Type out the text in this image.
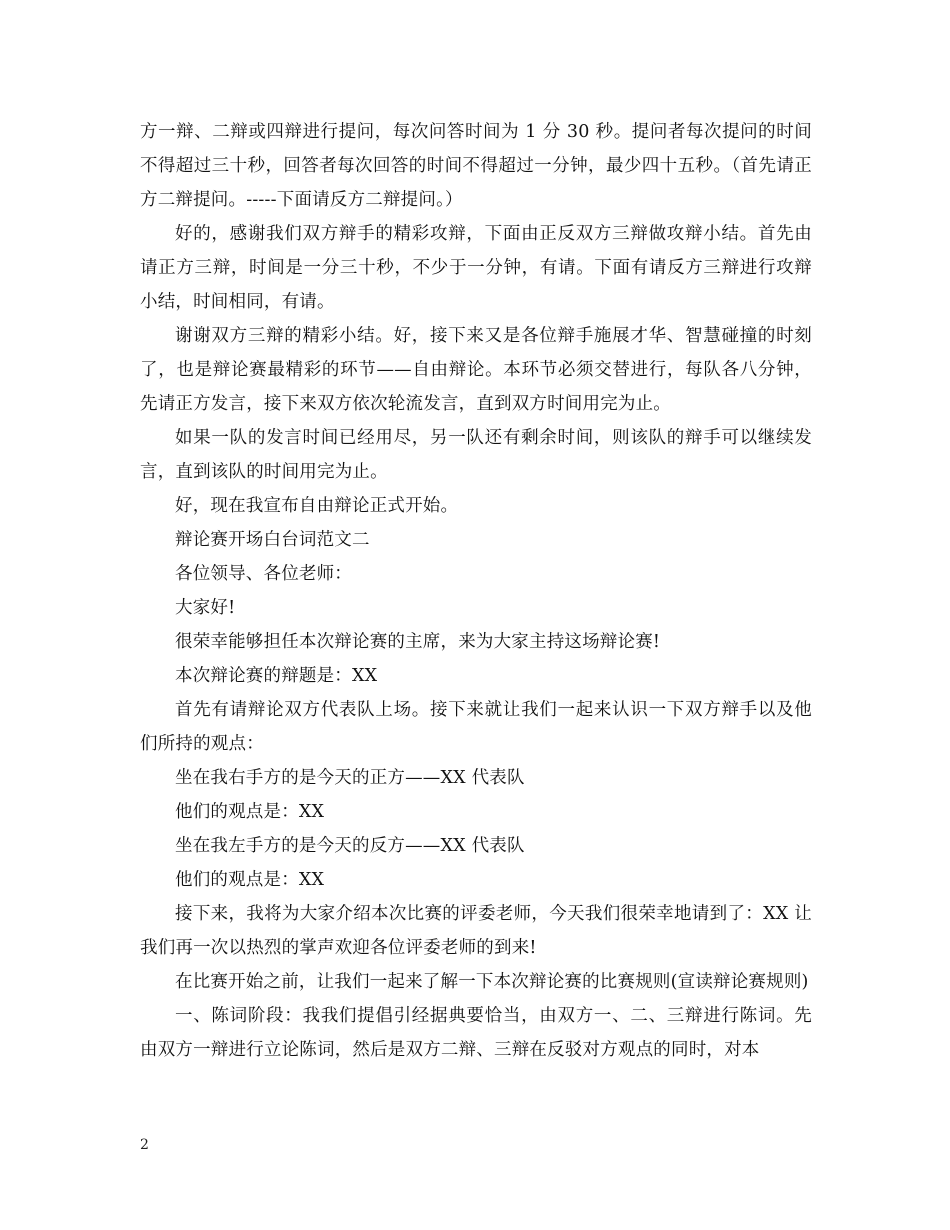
方一辩、二辩或四辩进行提问，每次问答时间为 1 分 30 秒。提问者每次提问的时间不得超过三十秒，回答者每次回答的时间不得超过一分钟，最少四十五秒。（首先请正方二辩提问。-----下面请反方二辩提问。）

好的，感谢我们双方辩手的精彩攻辩，下面由正反双方三辩做攻辩小结。首先由请正方三辩，时间是一分三十秒，不少于一分钟，有请。下面有请反方三辩进行攻辩小结，时间相同，有请。

谢谢双方三辩的精彩小结。好，接下来又是各位辩手施展才华、智慧碰撞的时刻了，也是辩论赛最精彩的环节——自由辩论。本环节必须交替进行，每队各八分钟，先请正方发言，接下来双方依次轮流发言，直到双方时间用完为止。

如果一队的发言时间已经用尽，另一队还有剩余时间，则该队的辩手可以继续发言，直到该队的时间用完为止。

好，现在我宣布自由辩论正式开始。

辩论赛开场白台词范文二

各位领导、各位老师：

大家好!

很荣幸能够担任本次辩论赛的主席，来为大家主持这场辩论赛!

本次辩论赛的辩题是：XX

首先有请辩论双方代表队上场。接下来就让我们一起来认识一下双方辩手以及他们所持的观点：

坐在我右手方的是今天的正方——XX 代表队

他们的观点是：XX

坐在我左手方的是今天的反方——XX 代表队

他们的观点是：XX

接下来，我将为大家介绍本次比赛的评委老师，今天我们很荣幸地请到了：XX 让我们再一次以热烈的掌声欢迎各位评委老师的到来!

在比赛开始之前，让我们一起来了解一下本次辩论赛的比赛规则(宣读辩论赛规则)

一、陈词阶段：我我们提倡引经据典要恰当，由双方一、二、三辩进行陈词。先由双方一辩进行立论陈词，然后是双方二辩、三辩在反驳对方观点的同时，对本

2
